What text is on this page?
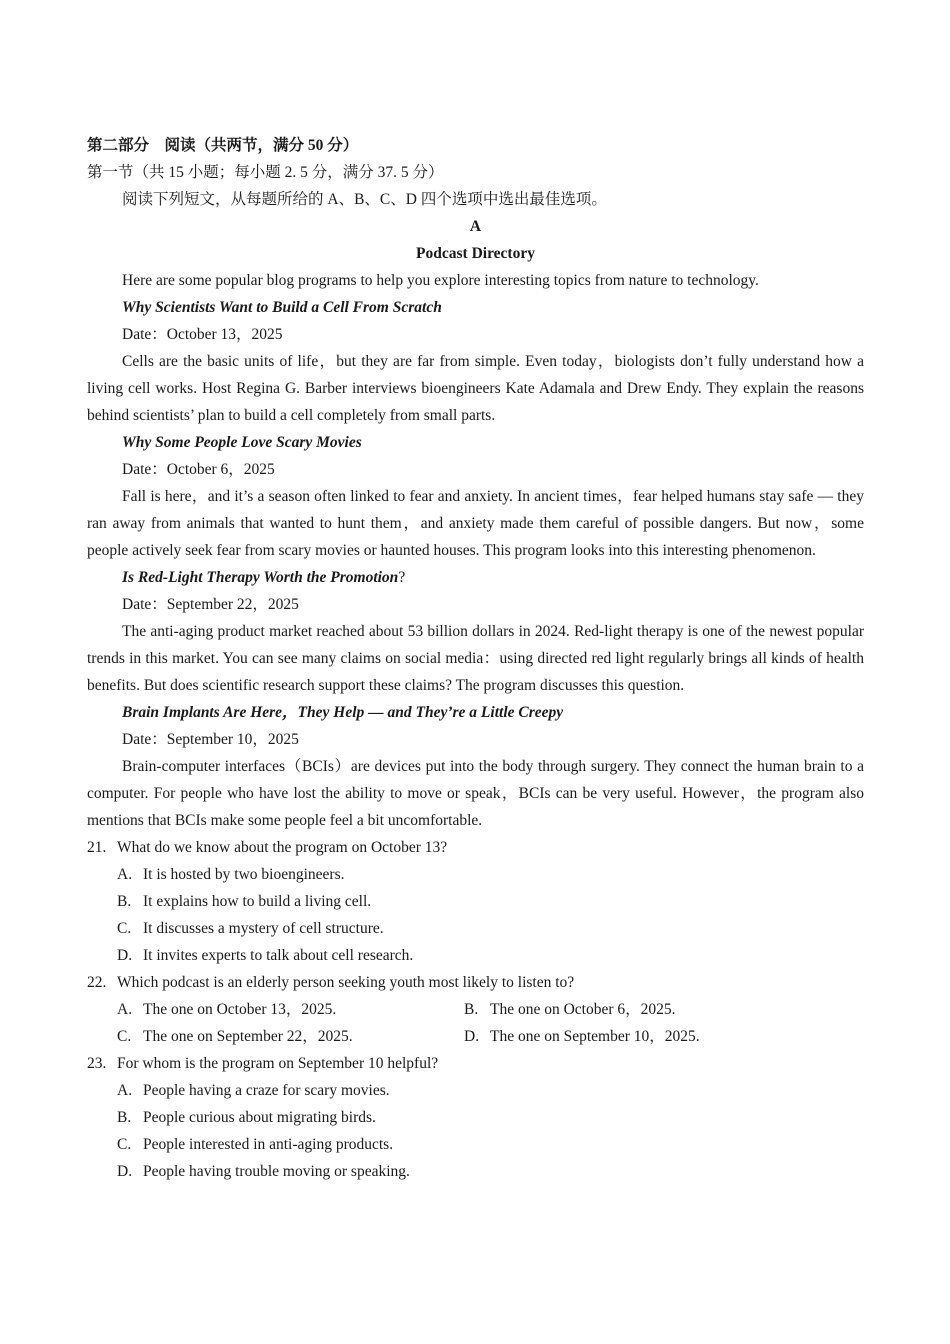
第二部分　阅读（共两节，满分 50 分）
第一节（共 15 小题；每小题 2. 5 分，满分 37. 5 分）
阅读下列短文，从每题所给的 A、B、C、D 四个选项中选出最佳选项。
A
Podcast Directory

Here are some popular blog programs to help you explore interesting topics from nature to technology.

Why Scientists Want to Build a Cell From Scratch
Date：October 13，2025

Cells are the basic units of life，but they are far from simple. Even today，biologists don’t fully understand how a living cell works. Host Regina G. Barber interviews bioengineers Kate Adamala and Drew Endy. They explain the reasons behind scientists’ plan to build a cell completely from small parts.

Why Some People Love Scary Movies
Date：October 6，2025

Fall is here，and it’s a season often linked to fear and anxiety. In ancient times，fear helped humans stay safe — they ran away from animals that wanted to hunt them，and anxiety made them careful of possible dangers. But now，some people actively seek fear from scary movies or haunted houses. This program looks into this interesting phenomenon.

Is Red-Light Therapy Worth the Promotion?
Date：September 22，2025

The anti-aging product market reached about 53 billion dollars in 2024. Red-light therapy is one of the newest popular trends in this market. You can see many claims on social media：using directed red light regularly brings all kinds of health benefits. But does scientific research support these claims? The program discusses this question.

Brain Implants Are Here，They Help — and They’re a Little Creepy
Date：September 10，2025

Brain-computer interfaces（BCIs）are devices put into the body through surgery. They connect the human brain to a computer. For people who have lost the ability to move or speak，BCIs can be very useful. However，the program also mentions that BCIs make some people feel a bit uncomfortable.

21. What do we know about the program on October 13?
A. It is hosted by two bioengineers.
B. It explains how to build a living cell.
C. It discusses a mystery of cell structure.
D. It invites experts to talk about cell research.
22. Which podcast is an elderly person seeking youth most likely to listen to?
A. The one on October 13，2025.	B. The one on October 6，2025.
C. The one on September 22，2025.	D. The one on September 10，2025.
23. For whom is the program on September 10 helpful?
A. People having a craze for scary movies.
B. People curious about migrating birds.
C. People interested in anti-aging products.
D. People having trouble moving or speaking.
